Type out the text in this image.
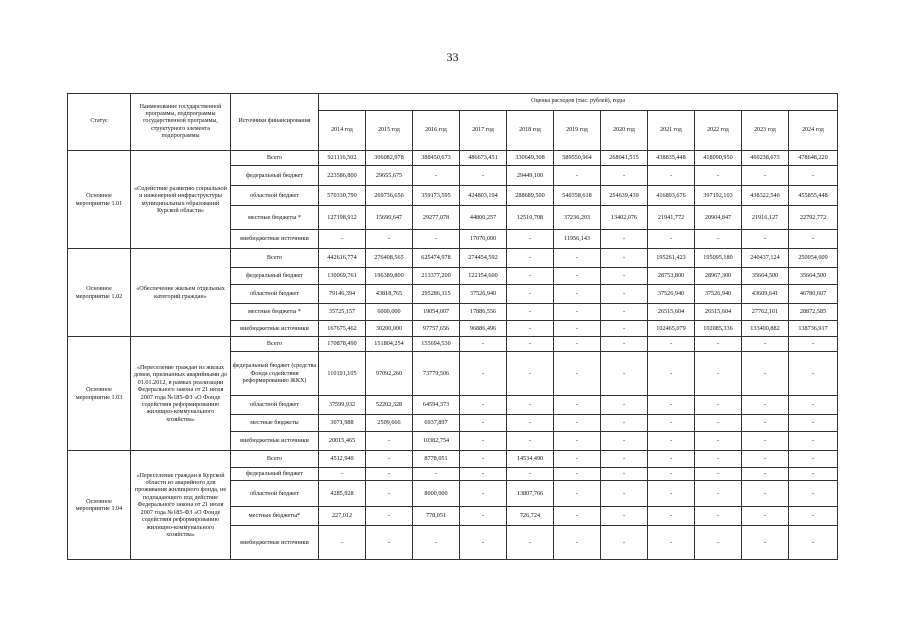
33
Статус	Наименование государственной программы, подпрограммы государственной программы, структурного элемента подпрограммы	Источники финансирования	Оценка расходов (тыс. рублей), годы										
			2014 год	2015 год	2016 год	2017 год	2018 год	2019 год	2020 год	2021 год	2022 год	2023 год	2024 год
Основное мероприятие 1.01	«Содействие развитию социальной и инженерной инфраструктуры муниципальных образований Курской области»	Всего	921116,502	306082,978	388450,673	486673,451	330649,308	589550,964	268041,515	438835,448	418090,950	460238,673	478648,220
		федеральный бюджет	223586,800	29655,675	-	-	29449,100	-	-	-	-	-	-
		областной бюджет	570330,790	269736,656	359173,595	424803,194	288689,500	540358,618	254639,439	416893,676	397192,103	438322,546	455855,448
		местные бюджеты *	127198,912	15690,647	29277,078	44800,257	12510,708	37236,203	13402,076	21941,772	20904,847	21916,127	22792,772
		внебюджетные источники	-	-	-	17070,000	-	11956,143	-	-	-	-	-
Основное мероприятие 1.02	«Обеспечение жильем отдельных категорий граждан»	Всего	442616,774	276408,565	625474,978	274454,592	-	-	-	195261,423	195095,180	240437,124	250054,609
		федеральный бюджет	130069,761	196389,800	213377,200	122154,600	-	-	-	28753,800	28967,300	35664,500	35664,500
		областной бюджет	79146,394	43818,765	295286,115	37526,940	-	-	-	37526,940	37526,940	43609,641	46780,607
		местные бюджеты *	35725,157	6000,000	19054,007	17886,556	-	-	-	26515,604	26515,604	27762,101	28872,585
		внебюджетные источники	167675,462	30200,000	97757,656	96886,496	-	-	-	102465,079	102085,336	133400,882	138736,917
Основное мероприятие 1.03	«Переселение граждан из жилых домов, признанных аварийными до 01.01.2012, в рамках реализации Федерального закона от 21 июля 2007 года №185-ФЗ «О Фонде содействия реформированию жилищно-коммунального хозяйства»	Всего	170878,490	151804,254	155694,530	-	-	-	-	-	-	-	-
		федеральный бюджет (средства Фонда содействия реформированию ЖКХ)	110191,105	97092,260	73779,506	-	-	-	-	-	-	-	-
		областной бюджет	37599,932	52202,328	64594,373	-	-	-	-	-	-	-	-
		местные бюджеты	3071,988	2509,666	6937,897	-	-	-	-	-	-	-	-
		внебюджетные источники	20015,465	-	10382,754	-	-	-	-	-	-	-	-
Основное мероприятие 1.04	«Переселение граждан в Курской области из аварийного для проживания жилищного фонда, не подпадающего под действие Федерального закона от 21 июля 2007 года №185-ФЗ «О Фонде содействия реформированию жилищно-коммунального хозяйства»	Всего	4512,940	-	8778,051	-	14534,490	-	-	-	-	-	-
		федеральный бюджет	-	-	-	-	-	-	-	-	-	-	-
		областной бюджет	4285,928	-	8000,000	-	13807,766	-	-	-	-	-	-
		местные бюджеты*	227,012	-	778,051	-	726,724	-	-	-	-	-	-
		внебюджетные источники	-	-	-	-	-	-	-	-	-	-	-
